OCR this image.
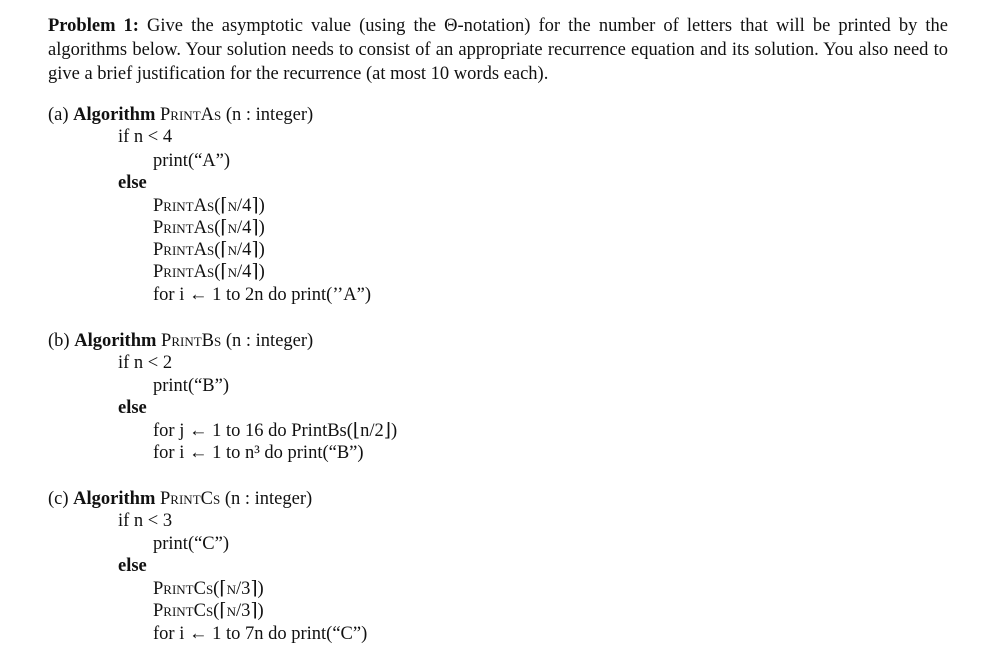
Problem 1: Give the asymptotic value (using the Θ-notation) for the number of letters that will be printed by the algorithms below. Your solution needs to consist of an appropriate recurrence equation and its solution. You also need to give a brief justification for the recurrence (at most 10 words each).
(a) Algorithm PrintAs (n : integer)
if n < 4
print(“A”)
else
PrintAs(⌈n/4⌉)
PrintAs(⌈n/4⌉)
PrintAs(⌈n/4⌉)
PrintAs(⌈n/4⌉)
for i ← 1 to 2n do print(’’A”)
(b) Algorithm PrintBs (n : integer)
if n < 2
print(“B”)
else
for j ← 1 to 16 do PrintBs(⌊n/2⌋)
for i ← 1 to n³ do print(“B”)
(c) Algorithm PrintCs (n : integer)
if n < 3
print(“C”)
else
PrintCs(⌈n/3⌉)
PrintCs(⌈n/3⌉)
for i ← 1 to 7n do print(“C”)
